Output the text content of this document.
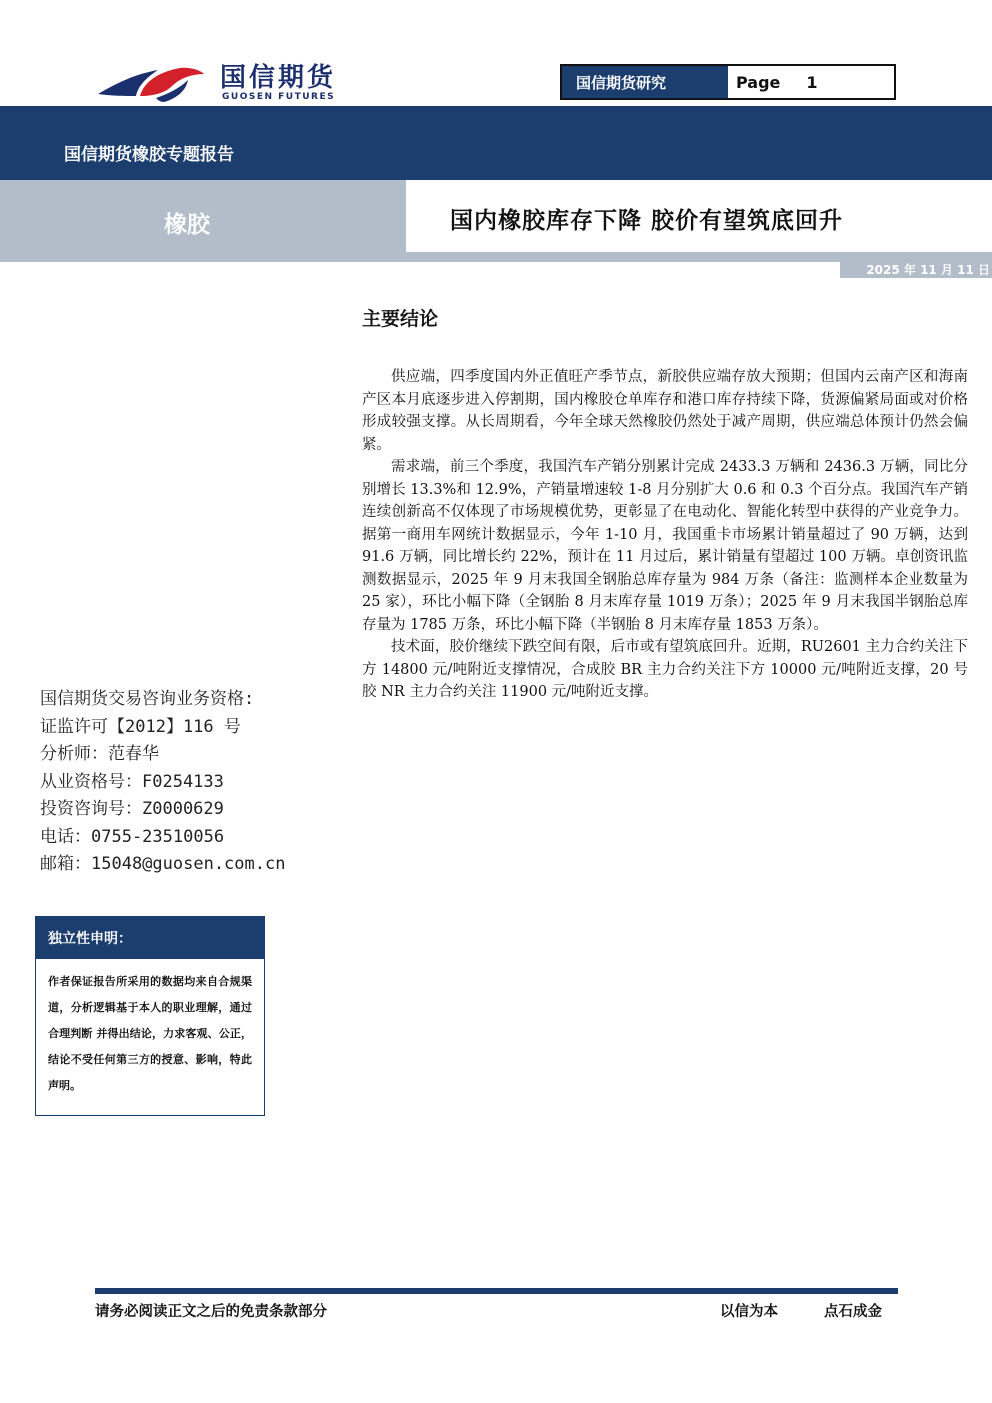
国信期货
GUOSEN FUTURES
国信期货研究	Page 1
国信期货橡胶专题报告
橡胶	国内橡胶库存下降 胶价有望筑底回升
2025 年 11 月 11 日
主要结论

供应端，四季度国内外正值旺产季节点，新胶供应端存放大预期；但国内云南产区和海南产区本月底逐步进入停割期，国内橡胶仓单库存和港口库存持续下降，货源偏紧局面或对价格形成较强支撑。从长周期看，今年全球天然橡胶仍然处于减产周期，供应端总体预计仍然会偏紧。

需求端，前三个季度，我国汽车产销分别累计完成 2433.3 万辆和 2436.3 万辆，同比分别增长 13.3%和 12.9%，产销量增速较 1-8 月分别扩大 0.6 和 0.3 个百分点。我国汽车产销连续创新高不仅体现了市场规模优势，更彰显了在电动化、智能化转型中获得的产业竞争力。据第一商用车网统计数据显示，今年 1-10 月，我国重卡市场累计销量超过了 90 万辆，达到 91.6 万辆，同比增长约 22%，预计在 11 月过后，累计销量有望超过 100 万辆。卓创资讯监测数据显示，2025 年 9 月末我国全钢胎总库存量为 984 万条（备注：监测样本企业数量为 25 家），环比小幅下降（全钢胎 8 月末库存量 1019 万条）；2025 年 9 月末我国半钢胎总库存量为 1785 万条，环比小幅下降（半钢胎 8 月末库存量 1853 万条）。

技术面，胶价继续下跌空间有限，后市或有望筑底回升。近期，RU2601 主力合约关注下方 14800 元/吨附近支撑情况，合成胶 BR 主力合约关注下方 10000 元/吨附近支撑，20 号胶 NR 主力合约关注 11900 元/吨附近支撑。

国信期货交易咨询业务资格:
证监许可【2012】116 号
分析师：范春华
从业资格号：F0254133
投资咨询号：Z0000629
电话：0755-23510056
邮箱：15048@guosen.com.cn
独立性申明：
作者保证报告所采用的数据均来自合规渠道，分析逻辑基于本人的职业理解，通过合理判断 并得出结论，力求客观、公正，结论不受任何第三方的授意、影响，特此声明。
请务必阅读正文之后的免责条款部分	以信为本	点石成金
